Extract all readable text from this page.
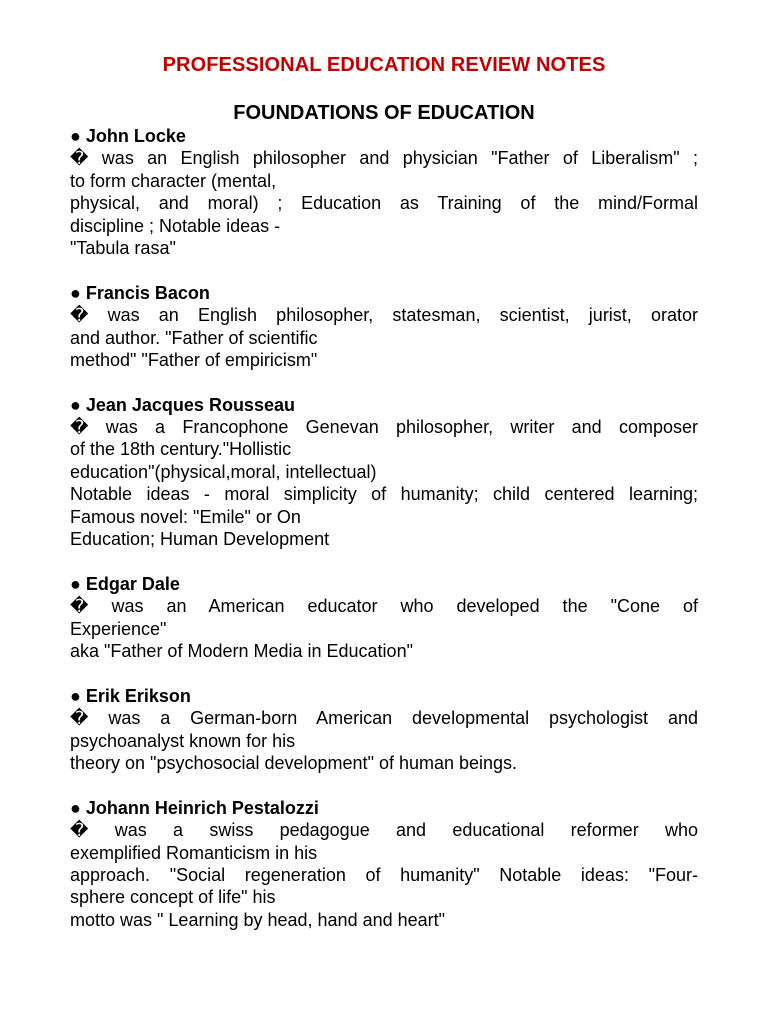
PROFESSIONAL EDUCATION REVIEW NOTES
FOUNDATIONS OF EDUCATION
● John Locke
� was an English philosopher and physician "Father of Liberalism" ;
to form character (mental,
physical, and moral) ; Education as Training of the mind/Formal
discipline ; Notable ideas -
"Tabula rasa"
● Francis Bacon
� was an English philosopher, statesman, scientist, jurist, orator
and author. "Father of scientific
method" "Father of empiricism"
● Jean Jacques Rousseau
� was a Francophone Genevan philosopher, writer and composer
of the 18th century."Hollistic
education"(physical,moral, intellectual)
Notable ideas - moral simplicity of humanity; child centered learning;
Famous novel: "Emile" or On
Education; Human Development
● Edgar Dale
� was an American educator who developed the "Cone of
Experience"
aka "Father of Modern Media in Education"
● Erik Erikson
� was a German-born American developmental psychologist and
psychoanalyst known for his
theory on "psychosocial development" of human beings.
● Johann Heinrich Pestalozzi
� was a swiss pedagogue and educational reformer who
exemplified Romanticism in his
approach. "Social regeneration of humanity" Notable ideas: "Four-
sphere concept of life" his
motto was " Learning by head, hand and heart"
